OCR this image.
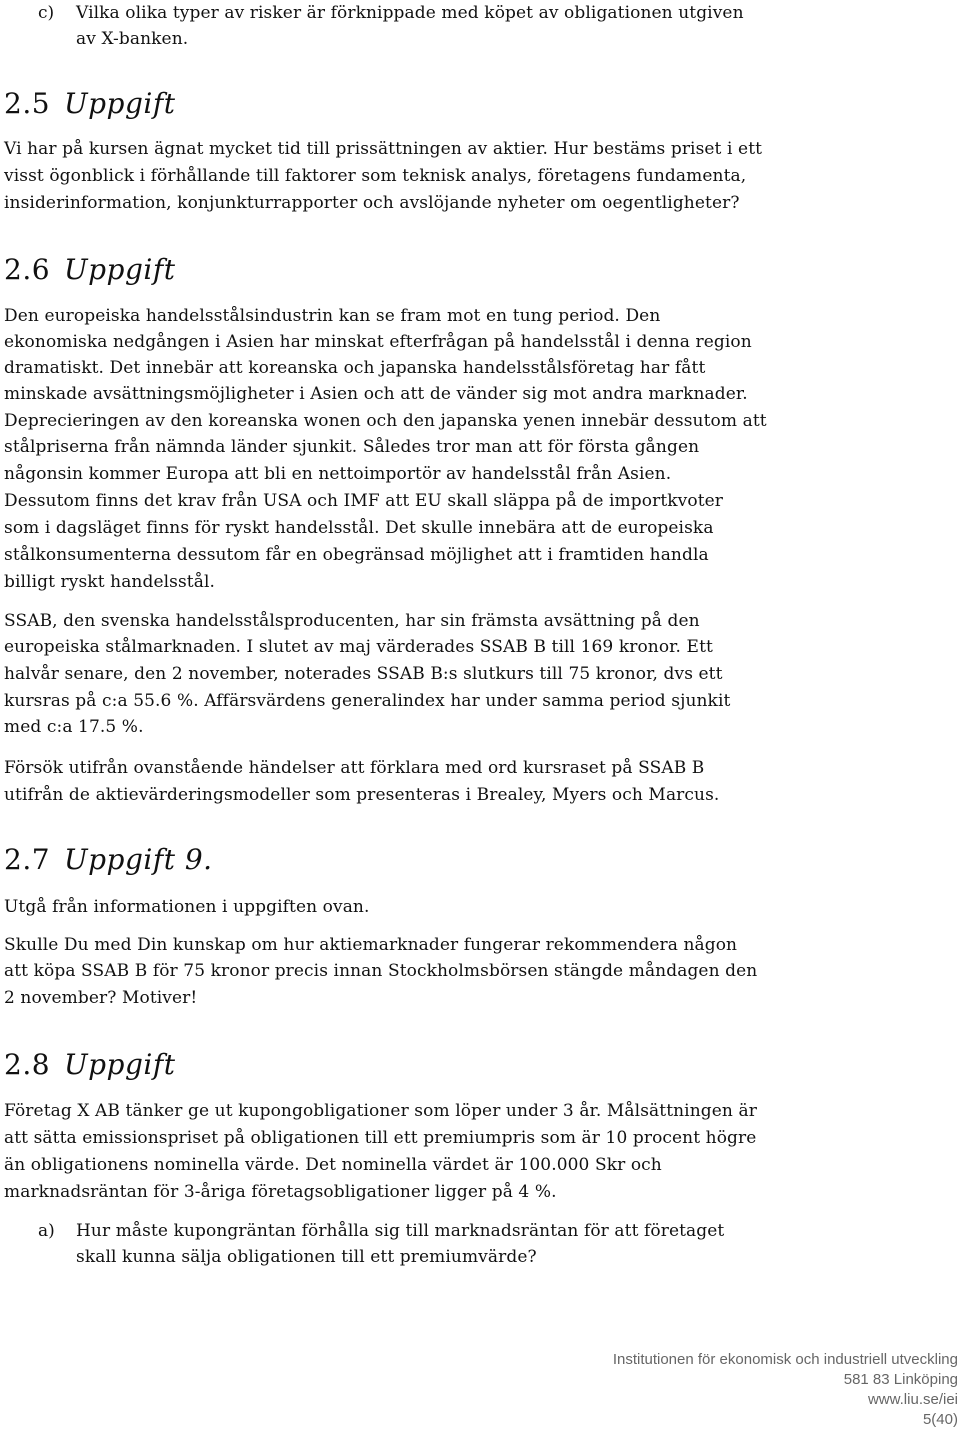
c) Vilka olika typer av risker är förknippade med köpet av obligationen utgiven
av X-banken.
2.5 Uppgift
Vi har på kursen ägnat mycket tid till prissättningen av aktier. Hur bestäms priset i ett
visst ögonblick i förhållande till faktorer som teknisk analys, företagens fundamenta,
insiderinformation, konjunkturrapporter och avslöjande nyheter om oegentligheter?
2.6 Uppgift
Den europeiska handelsstålsindustrin kan se fram mot en tung period. Den
ekonomiska nedgången i Asien har minskat efterfrågan på handelsstål i denna region
dramatiskt. Det innebär att koreanska och japanska handelsstålsföretag har fått
minskade avsättningsmöjligheter i Asien och att de vänder sig mot andra marknader.
Deprecieringen av den koreanska wonen och den japanska yenen innebär dessutom att
stålpriserna från nämnda länder sjunkit. Således tror man att för första gången
någonsin kommer Europa att bli en nettoimportör av handelsstål från Asien.
Dessutom finns det krav från USA och IMF att EU skall släppa på de importkvoter
som i dagsläget finns för ryskt handelsstål. Det skulle innebära att de europeiska
stålkonsumenterna dessutom får en obegränsad möjlighet att i framtiden handla
billigt ryskt handelsstål.
SSAB, den svenska handelsstålsproducenten, har sin främsta avsättning på den
europeiska stålmarknaden. I slutet av maj värderades SSAB B till 169 kronor. Ett
halvår senare, den 2 november, noterades SSAB B:s slutkurs till 75 kronor, dvs ett
kursras på c:a 55.6 %. Affärsvärdens generalindex har under samma period sjunkit
med c:a 17.5 %.
Försök utifrån ovanstående händelser att förklara med ord kursraset på SSAB B
utifrån de aktievärderingsmodeller som presenteras i Brealey, Myers och Marcus.
2.7 Uppgift 9.
Utgå från informationen i uppgiften ovan.
Skulle Du med Din kunskap om hur aktiemarknader fungerar rekommendera någon
att köpa SSAB B för 75 kronor precis innan Stockholmsbörsen stängde måndagen den
2 november? Motiver!
2.8 Uppgift
Företag X AB tänker ge ut kupongobligationer som löper under 3 år. Målsättningen är
att sätta emissionspriset på obligationen till ett premiumpris som är 10 procent högre
än obligationens nominella värde. Det nominella värdet är 100.000 Skr och
marknadsräntan för 3-åriga företagsobligationer ligger på 4 %.
a) Hur måste kupongräntan förhålla sig till marknadsräntan för att företaget
skall kunna sälja obligationen till ett premiumvärde?
Institutionen för ekonomisk och industriell utveckling
581 83 Linköping
www.liu.se/iei
5(40)
